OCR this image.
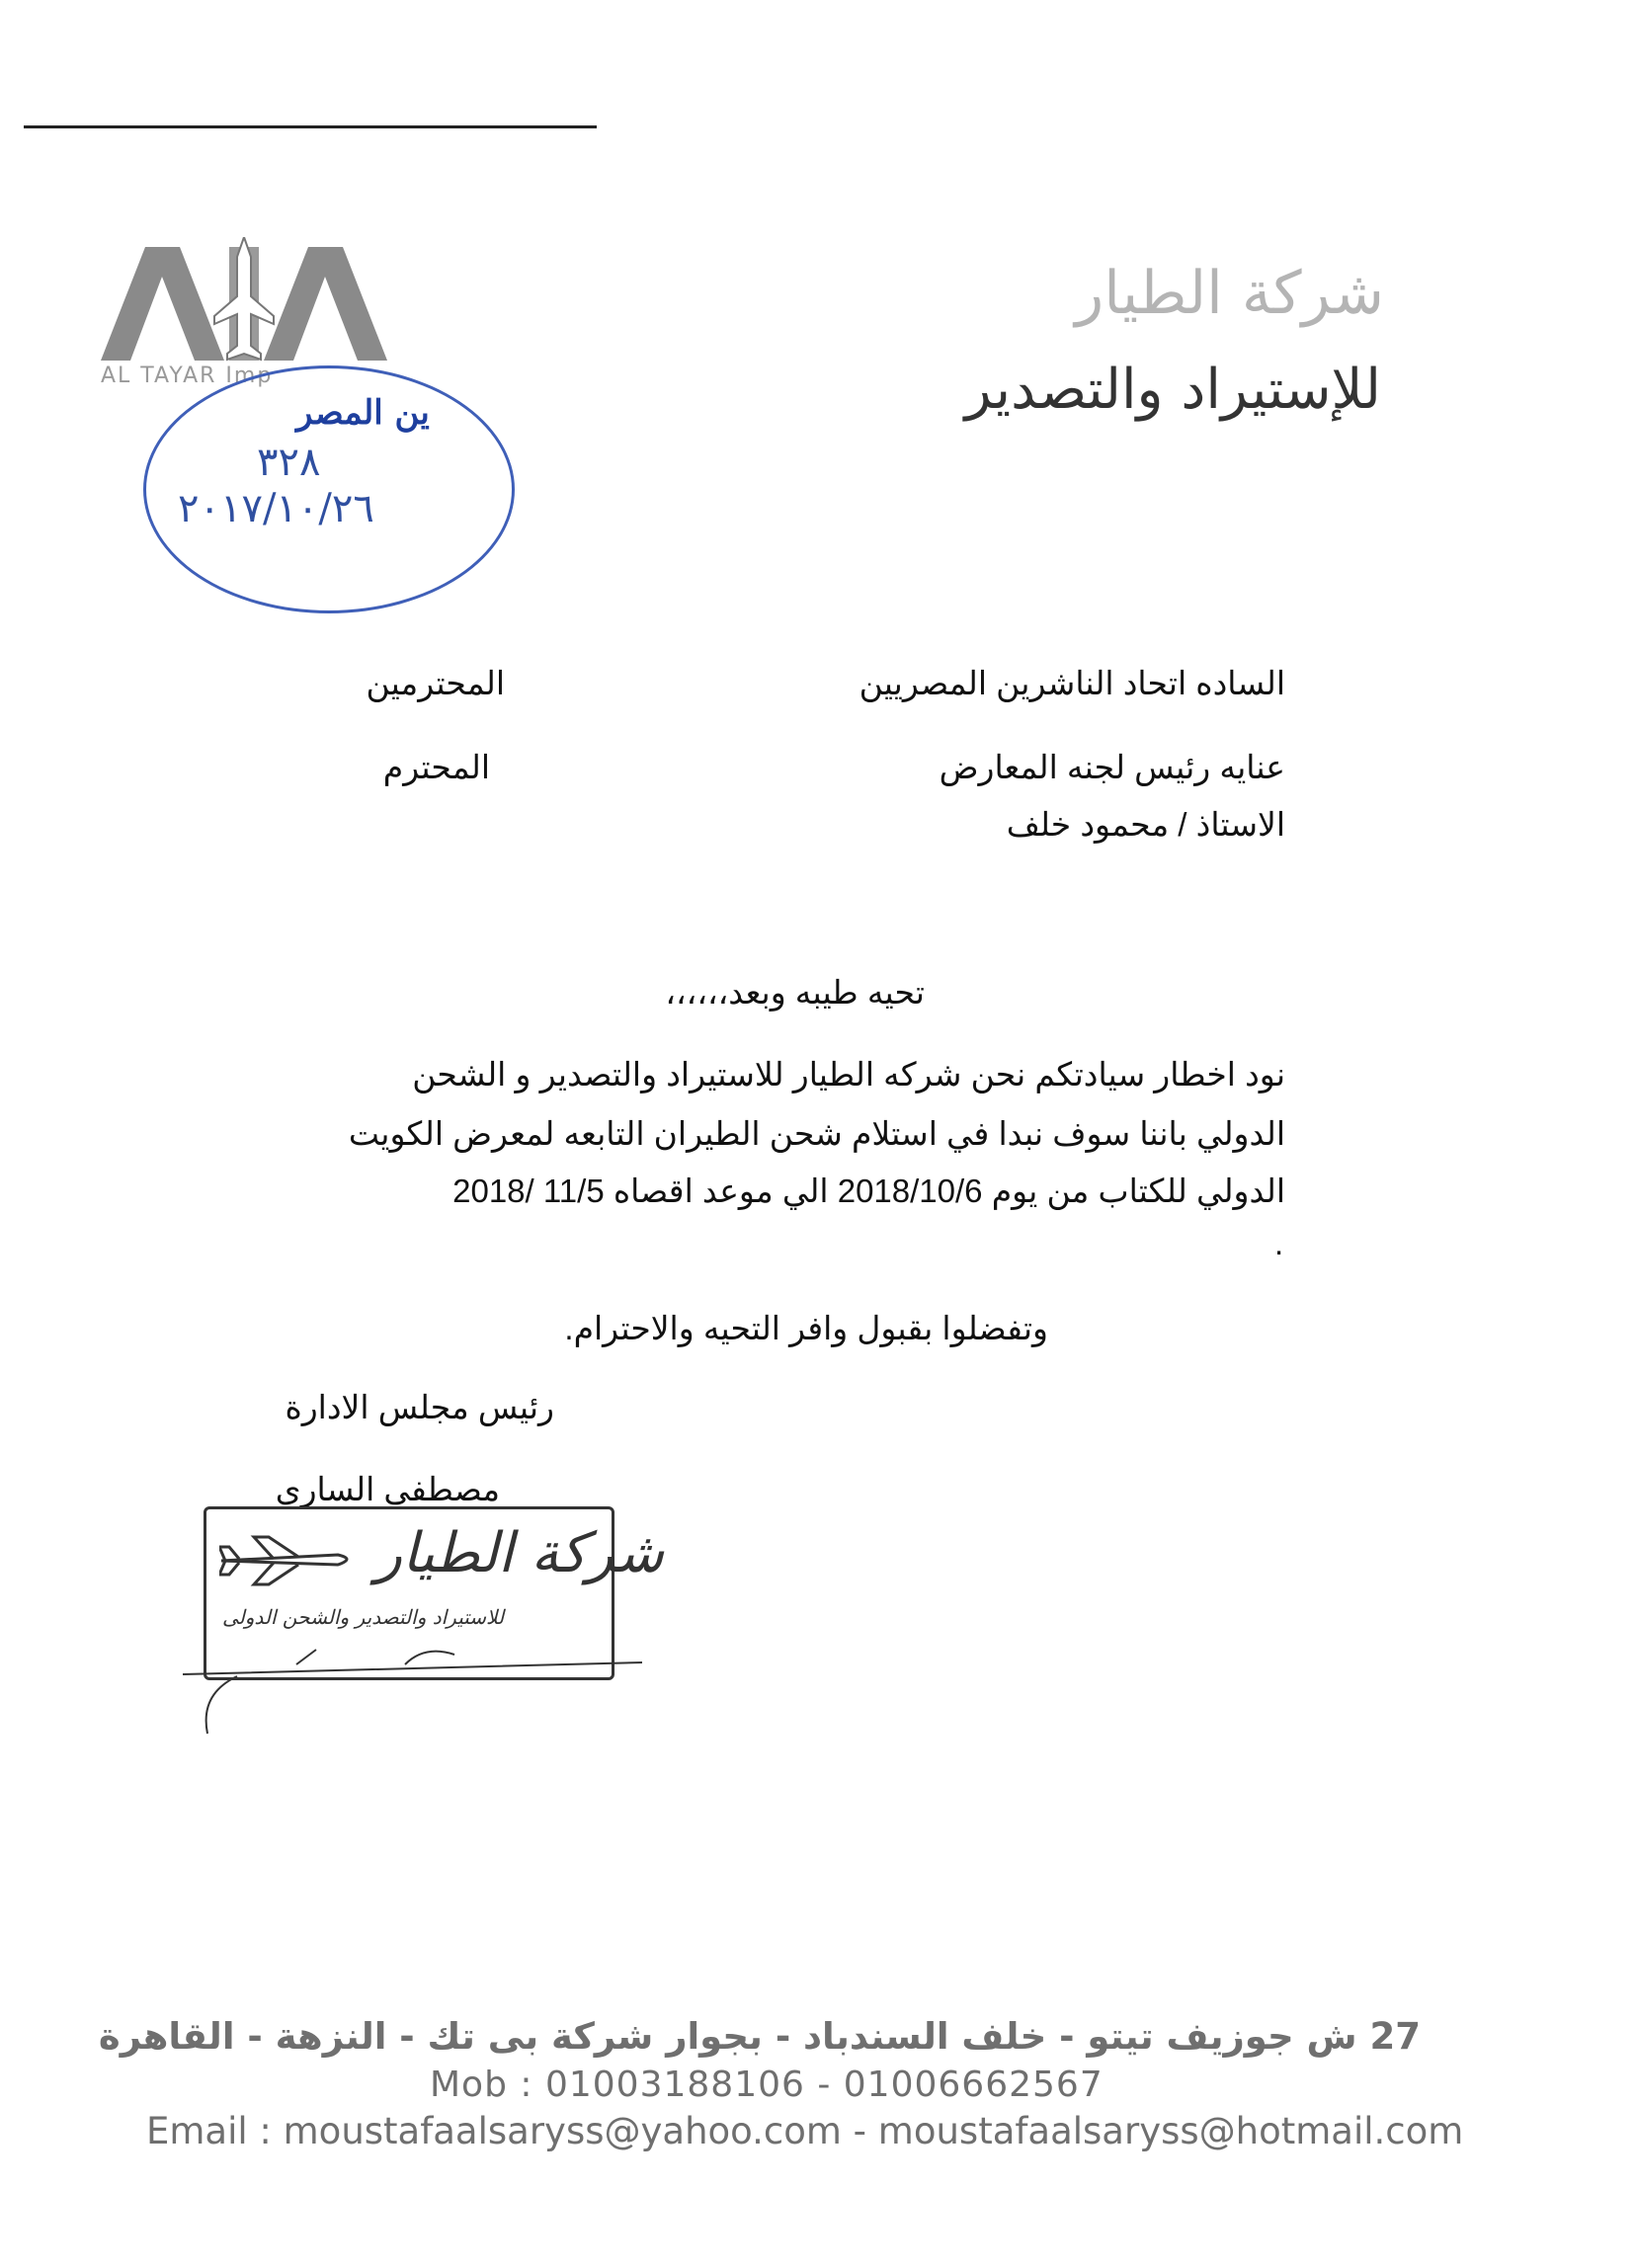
AL TAYAR Imp
ين المصر
٣٢٨
٢٠١٧/١٠/٢٦
شركة الطيار
للإستيراد والتصدير
الساده اتحاد الناشرين المصريين
المحترمين
عنايه رئيس لجنه المعارض
المحترم
الاستاذ / محمود خلف
تحيه طيبه وبعد،،،،،،
نود اخطار سيادتكم نحن شركه الطيار للاستيراد والتصدير و الشحن
الدولي باننا سوف نبدا في استلام شحن الطيران التابعه لمعرض الكويت
الدولي للكتاب من يوم 2018/10/6 الي موعد اقصاه 11/5 /2018
.
وتفضلوا بقبول وافر التحيه والاحترام.
رئيس مجلس الادارة
مصطفى السارى
شركة الطيار
للاستيراد والتصدير والشحن الدولى
27 ش جوزيف تيتو - خلف السندباد - بجوار شركة بى تك - النزهة - القاهرة
Mob : 01003188106 - 01006662567
Email : moustafaalsaryss@yahoo.com - moustafaalsaryss@hotmail.com
